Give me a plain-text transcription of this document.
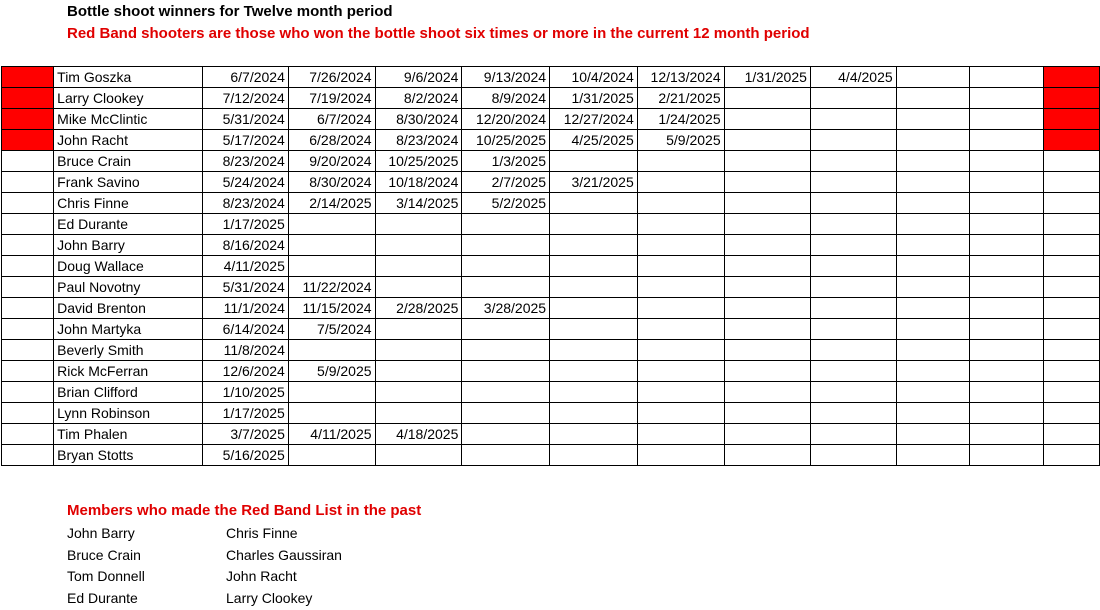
Bottle shoot winners for Twelve month period
Red Band shooters are those who won the bottle shoot six times or more in the current 12 month period
	Tim Goszka	6/7/2024	7/26/2024	9/6/2024	9/13/2024	10/4/2024	12/13/2024	1/31/2025	4/4/2025			
	Larry Clookey	7/12/2024	7/19/2024	8/2/2024	8/9/2024	1/31/2025	2/21/2025					
	Mike McClintic	5/31/2024	6/7/2024	8/30/2024	12/20/2024	12/27/2024	1/24/2025					
	John Racht	5/17/2024	6/28/2024	8/23/2024	10/25/2025	4/25/2025	5/9/2025					
	Bruce Crain	8/23/2024	9/20/2024	10/25/2025	1/3/2025							
	Frank Savino	5/24/2024	8/30/2024	10/18/2024	2/7/2025	3/21/2025						
	Chris Finne	8/23/2024	2/14/2025	3/14/2025	5/2/2025							
	Ed Durante	1/17/2025										
	John Barry	8/16/2024										
	Doug Wallace	4/11/2025										
	Paul Novotny	5/31/2024	11/22/2024									
	David Brenton	11/1/2024	11/15/2024	2/28/2025	3/28/2025							
	John Martyka	6/14/2024	7/5/2024									
	Beverly Smith	11/8/2024										
	Rick McFerran	12/6/2024	5/9/2025									
	Brian Clifford	1/10/2025										
	Lynn Robinson	1/17/2025										
	Tim Phalen	3/7/2025	4/11/2025	4/18/2025								
	Bryan Stotts	5/16/2025										
Members who made the Red Band List in the past
John Barry
Bruce Crain
Tom Donnell
Ed Durante
Chris Finne
Charles Gaussiran
John Racht
Larry Clookey
